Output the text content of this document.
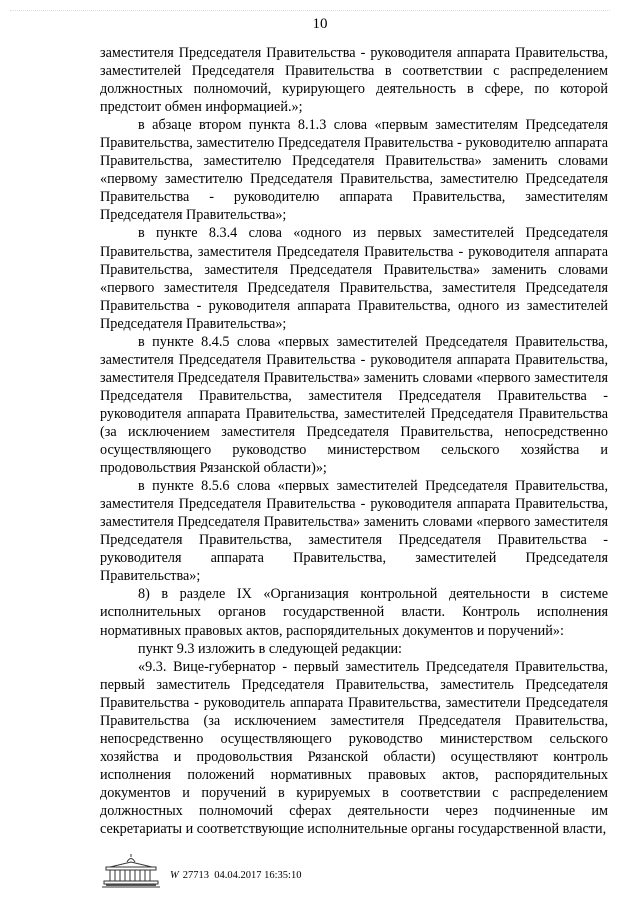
10

заместителя Председателя Правительства - руководителя аппарата Правительства, заместителей Председателя Правительства в соответствии с распределением должностных полномочий, курирующего деятельность в сфере, по которой предстоит обмен информацией.»;

в абзаце втором пункта 8.1.3 слова «первым заместителям Председателя Правительства, заместителю Председателя Правительства - руководителю аппарата Правительства, заместителю Председателя Правительства» заменить словами «первому заместителю Председателя Правительства, заместителю Председателя Правительства - руководителю аппарата Правительства, заместителям Председателя Правительства»;

в пункте 8.3.4 слова «одного из первых заместителей Председателя Правительства, заместителя Председателя Правительства - руководителя аппарата Правительства, заместителя Председателя Правительства» заменить словами «первого заместителя Председателя Правительства, заместителя Председателя Правительства - руководителя аппарата Правительства, одного из заместителей Председателя Правительства»;

в пункте 8.4.5 слова «первых заместителей Председателя Правительства, заместителя Председателя Правительства - руководителя аппарата Правительства, заместителя Председателя Правительства» заменить словами «первого заместителя Председателя Правительства, заместителя Председателя Правительства - руководителя аппарата Правительства, заместителей Председателя Правительства (за исключением заместителя Председателя Правительства, непосредственно осуществляющего руководство министерством сельского хозяйства и продовольствия Рязанской области)»;

в пункте 8.5.6 слова «первых заместителей Председателя Правительства, заместителя Председателя Правительства - руководителя аппарата Правительства, заместителя Председателя Правительства» заменить словами «первого заместителя Председателя Правительства, заместителя Председателя Правительства - руководителя аппарата Правительства, заместителей Председателя Правительства»;

8) в разделе IX «Организация контрольной деятельности в системе исполнительных органов государственной власти. Контроль исполнения нормативных правовых актов, распорядительных документов и поручений»:

пункт 9.3 изложить в следующей редакции:

«9.3. Вице-губернатор - первый заместитель Председателя Правительства, первый заместитель Председателя Правительства, заместитель Председателя Правительства - руководитель аппарата Правительства, заместители Председателя Правительства (за исключением заместителя Председателя Правительства, непосредственно осуществляющего руководство министерством сельского хозяйства и продовольствия Рязанской области) осуществляют контроль исполнения положений нормативных правовых актов, распорядительных документов и поручений в курируемых в соответствии с распределением должностных полномочий сферах деятельности через подчиненные им секретариаты и соответствующие исполнительные органы государственной власти,

W 27713 04.04.2017 16:35:10
